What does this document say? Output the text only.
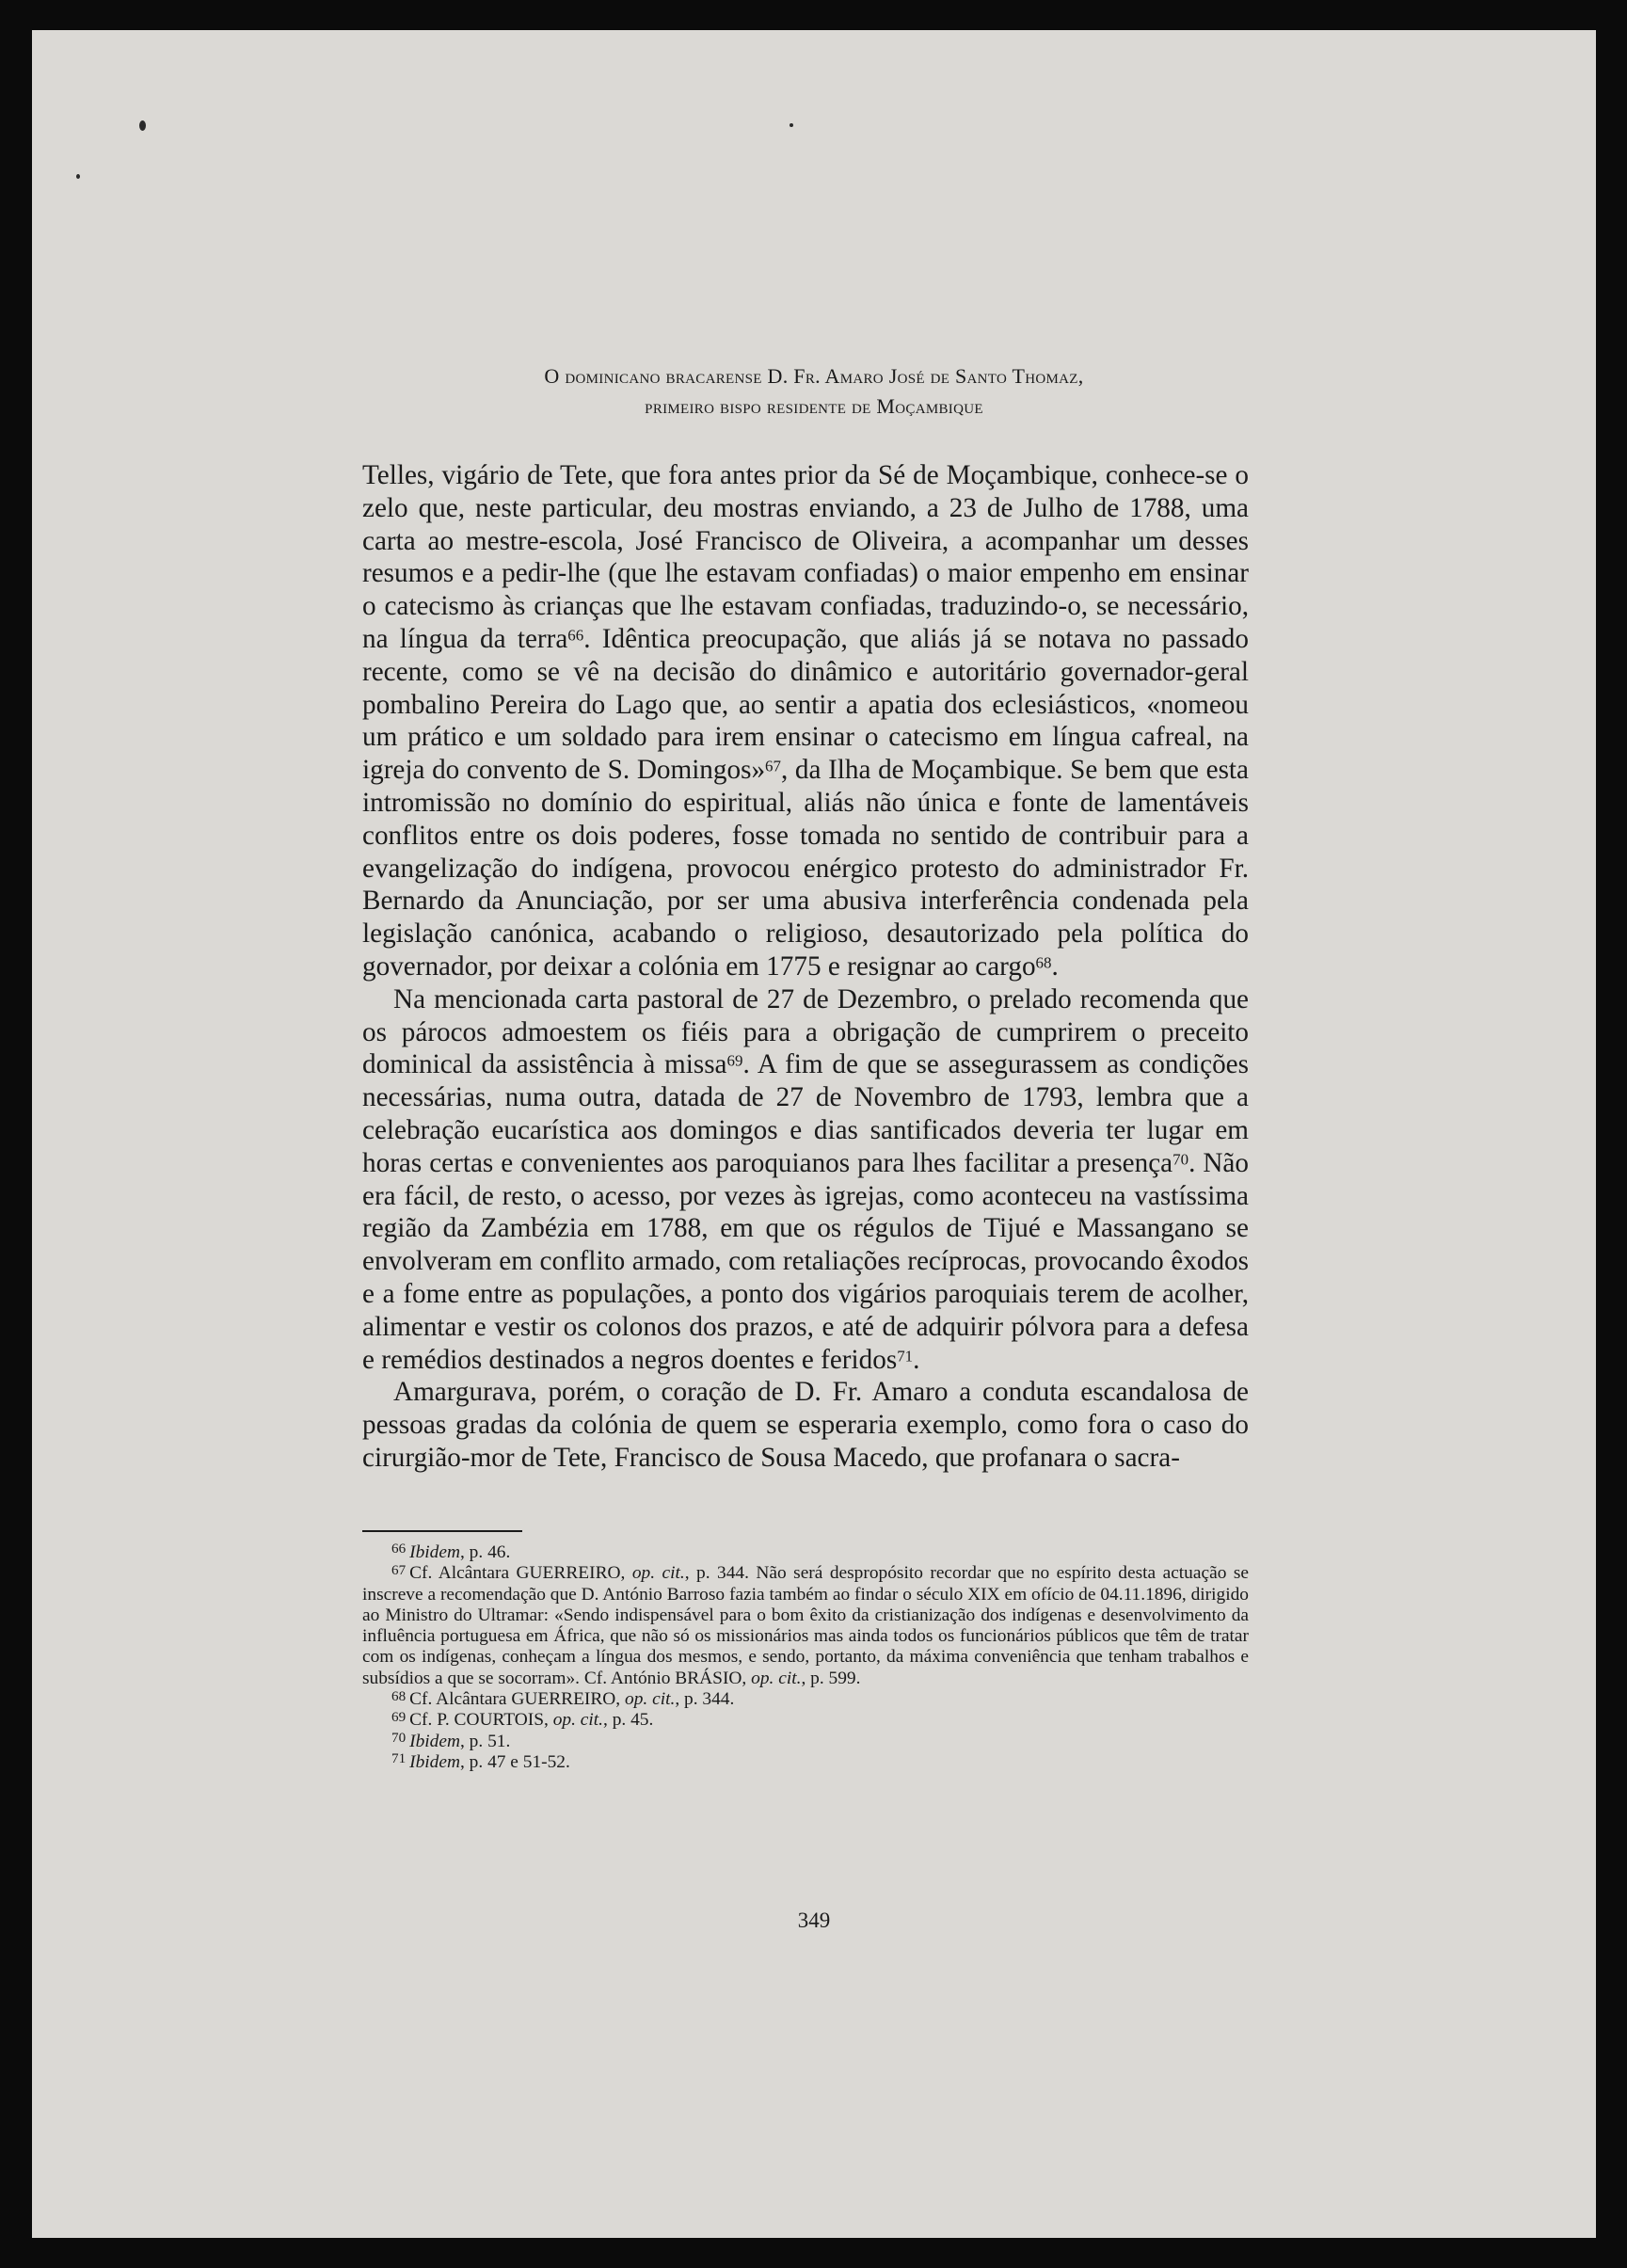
O dominicano bracarense D. Fr. Amaro José de Santo Thomaz,
primeiro bispo residente de Moçambique

Telles, vigário de Tete, que fora antes prior da Sé de Moçambique, conhece-se o zelo que, neste particular, deu mostras enviando, a 23 de Julho de 1788, uma carta ao mestre-escola, José Francisco de Oliveira, a acompanhar um desses resumos e a pedir-lhe (que lhe estavam confiadas) o maior empenho em ensinar o catecismo às crianças que lhe estavam confiadas, traduzindo-o, se necessário, na língua da terra$^{66}$. Idêntica preocupação, que aliás já se notava no passado recente, como se vê na decisão do dinâmico e autoritário governador-geral pombalino Pereira do Lago que, ao sentir a apatia dos eclesiásticos, «nomeou um prático e um soldado para irem ensinar o catecismo em língua cafreal, na igreja do convento de S. Domingos»$^{67}$, da Ilha de Moçambique. Se bem que esta intromissão no domínio do espiritual, aliás não única e fonte de lamentáveis conflitos entre os dois poderes, fosse tomada no sentido de contribuir para a evangelização do indígena, provocou enérgico protesto do administrador Fr. Bernardo da Anunciação, por ser uma abusiva interferência condenada pela legislação canónica, acabando o religioso, desautorizado pela política do governador, por deixar a colónia em 1775 e resignar ao cargo$^{68}$.

Na mencionada carta pastoral de 27 de Dezembro, o prelado recomenda que os párocos admoestem os fiéis para a obrigação de cumprirem o preceito dominical da assistência à missa$^{69}$. A fim de que se assegurassem as condições necessárias, numa outra, datada de 27 de Novembro de 1793, lembra que a celebração eucarística aos domingos e dias santificados deveria ter lugar em horas certas e convenientes aos paroquianos para lhes facilitar a presença$^{70}$. Não era fácil, de resto, o acesso, por vezes às igrejas, como aconteceu na vastíssima região da Zambézia em 1788, em que os régulos de Tijué e Massangano se envolveram em conflito armado, com retaliações recíprocas, provocando êxodos e a fome entre as populações, a ponto dos vigários paroquiais terem de acolher, alimentar e vestir os colonos dos prazos, e até de adquirir pólvora para a defesa e remédios destinados a negros doentes e feridos$^{71}$.

Amargurava, porém, o coração de D. Fr. Amaro a conduta escandalosa de pessoas gradas da colónia de quem se esperaria exemplo, como fora o caso do cirurgião-mor de Tete, Francisco de Sousa Macedo, que profanara o sacra-

$^{66}$ Ibidem, p. 46.

$^{67}$ Cf. Alcântara GUERREIRO, op. cit., p. 344. Não será despropósito recordar que no espírito desta actuação se inscreve a recomendação que D. António Barroso fazia também ao findar o século XIX em ofício de 04.11.1896, dirigido ao Ministro do Ultramar: «Sendo indispensável para o bom êxito da cristianização dos indígenas e desenvolvimento da influência portuguesa em África, que não só os missionários mas ainda todos os funcionários públicos que têm de tratar com os indígenas, conheçam a língua dos mesmos, e sendo, portanto, da máxima conveniência que tenham trabalhos e subsídios a que se socorram». Cf. António BRÁSIO, op. cit., p. 599.

$^{68}$ Cf. Alcântara GUERREIRO, op. cit., p. 344.

$^{69}$ Cf. P. COURTOIS, op. cit., p. 45.

$^{70}$ Ibidem, p. 51.

$^{71}$ Ibidem, p. 47 e 51-52.

349
